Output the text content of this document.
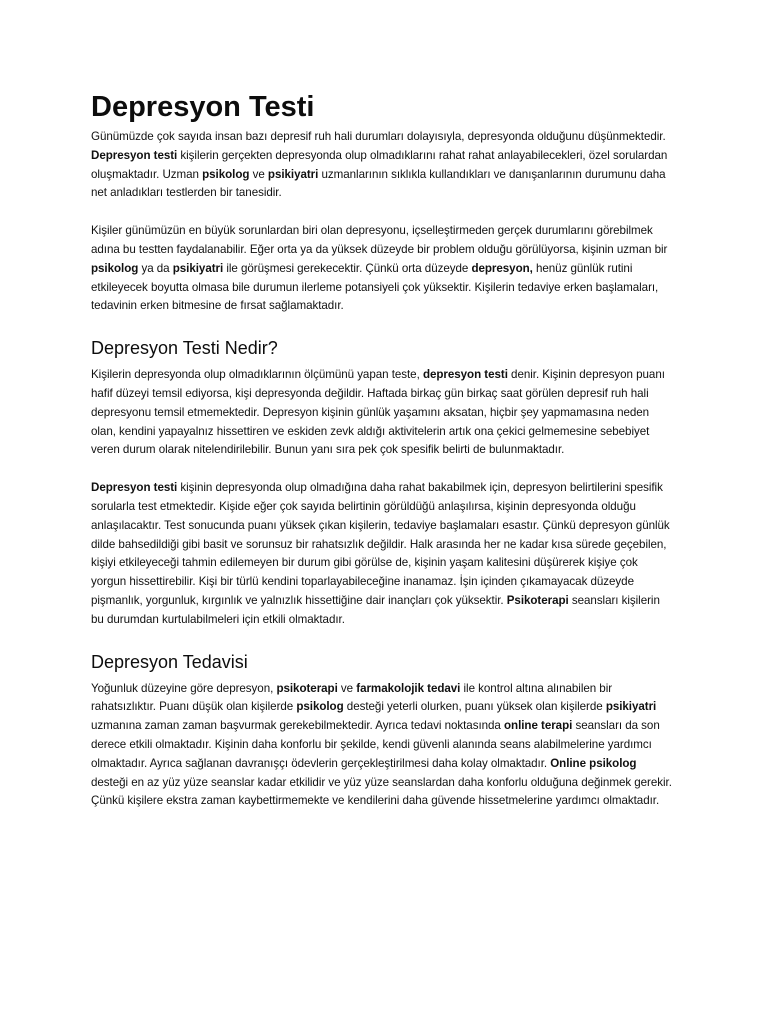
Depresyon Testi

Günümüzde çok sayıda insan bazı depresif ruh hali durumları dolayısıyla, depresyonda olduğunu düşünmektedir. Depresyon testi kişilerin gerçekten depresyonda olup olmadıklarını rahat rahat anlayabilecekleri, özel sorulardan oluşmaktadır. Uzman psikolog ve psikiyatri uzmanlarının sıklıkla kullandıkları ve danışanlarının durumunu daha net anladıkları testlerden bir tanesidir.

Kişiler günümüzün en büyük sorunlardan biri olan depresyonu, içselleştirmeden gerçek durumlarını görebilmek adına bu testten faydalanabilir. Eğer orta ya da yüksek düzeyde bir problem olduğu görülüyorsa, kişinin uzman bir psikolog ya da psikiyatri ile görüşmesi gerekecektir. Çünkü orta düzeyde depresyon, henüz günlük rutini etkileyecek boyutta olmasa bile durumun ilerleme potansiyeli çok yüksektir. Kişilerin tedaviye erken başlamaları, tedavinin erken bitmesine de fırsat sağlamaktadır.

Depresyon Testi Nedir?

Kişilerin depresyonda olup olmadıklarının ölçümünü yapan teste, depresyon testi denir. Kişinin depresyon puanı hafif düzeyi temsil ediyorsa, kişi depresyonda değildir. Haftada birkaç gün birkaç saat görülen depresif ruh hali depresyonu temsil etmemektedir. Depresyon kişinin günlük yaşamını aksatan, hiçbir şey yapmamasına neden olan, kendini yapayalnız hissettiren ve eskiden zevk aldığı aktivitelerin artık ona çekici gelmemesine sebebiyet veren durum olarak nitelendirilebilir. Bunun yanı sıra pek çok spesifik belirti de bulunmaktadır.

Depresyon testi kişinin depresyonda olup olmadığına daha rahat bakabilmek için, depresyon belirtilerini spesifik sorularla test etmektedir. Kişide eğer çok sayıda belirtinin görüldüğü anlaşılırsa, kişinin depresyonda olduğu anlaşılacaktır. Test sonucunda puanı yüksek çıkan kişilerin, tedaviye başlamaları esastır. Çünkü depresyon günlük dilde bahsedildiği gibi basit ve sorunsuz bir rahatsızlık değildir. Halk arasında her ne kadar kısa sürede geçebilen, kişiyi etkileyeceği tahmin edilemeyen bir durum gibi görülse de, kişinin yaşam kalitesini düşürerek kişiye çok yorgun hissettirebilir. Kişi bir türlü kendini toparlayabileceğine inanamaz. İşin içinden çıkamayacak düzeyde pişmanlık, yorgunluk, kırgınlık ve yalnızlık hissettiğine dair inançları çok yüksektir. Psikoterapi seansları kişilerin bu durumdan kurtulabilmeleri için etkili olmaktadır.

Depresyon Tedavisi

Yoğunluk düzeyine göre depresyon, psikoterapi ve farmakolojik tedavi ile kontrol altına alınabilen bir rahatsızlıktır. Puanı düşük olan kişilerde psikolog desteği yeterli olurken, puanı yüksek olan kişilerde psikiyatri uzmanına zaman zaman başvurmak gerekebilmektedir. Ayrıca tedavi noktasında online terapi seansları da son derece etkili olmaktadır. Kişinin daha konforlu bir şekilde, kendi güvenli alanında seans alabilmelerine yardımcı olmaktadır. Ayrıca sağlanan davranışçı ödevlerin gerçekleştirilmesi daha kolay olmaktadır. Online psikolog desteği en az yüz yüze seanslar kadar etkilidir ve yüz yüze seanslardan daha konforlu olduğuna değinmek gerekir. Çünkü kişilere ekstra zaman kaybettirmemekte ve kendilerini daha güvende hissetmelerine yardımcı olmaktadır.
